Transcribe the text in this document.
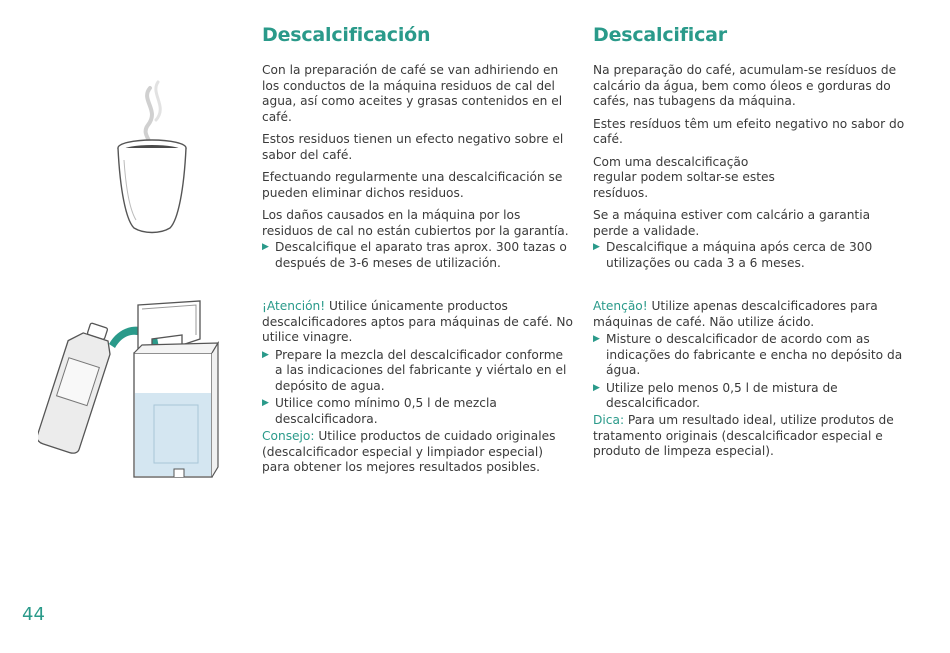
Descalcificación	Descalcificar

Con la preparación de café se van adhiriendo en los conductos de la máquina residuos de cal del agua, así como aceites y grasas contenidos en el café.

Estos residuos tienen un efecto negativo sobre el sabor del café.

Efectuando regularmente una descalcificación se pueden eliminar dichos residuos.

Los daños causados en la máquina por los residuos de cal no están cubiertos por la garantía.

▶ Descalcifique el aparato tras aprox. 300 tazas o después de 3-6 meses de utilización.

Na preparação do café, acumulam-se resíduos de calcário da água, bem como óleos e gorduras do cafés, nas tubagens da máquina.

Estes resíduos têm um efeito negativo no sabor do café.

Com uma descalcificação regular podem soltar-se estes resíduos.

Se a máquina estiver com calcário a garantia perde a validade.

▶ Descalcifique a máquina após cerca de 300 utilizações ou cada 3 a 6 meses.

¡Atención! Utilice únicamente productos descalcificadores aptos para máquinas de café. No utilice vinagre.

▶ Prepare la mezcla del descalcificador conforme a las indicaciones del fabricante y viértalo en el depósito de agua.
▶ Utilice como mínimo 0,5 l de mezcla descalcificadora.

Consejo: Utilice productos de cuidado originales (descalcificador especial y limpiador especial) para obtener los mejores resultados posibles.

Atenção! Utilize apenas descalcificadores para máquinas de café. Não utilize ácido.

▶ Misture o descalcificador de acordo com as indicações do fabricante e encha no depósito da água.
▶ Utilize pelo menos 0,5 l de mistura de descalcificador.

Dica: Para um resultado ideal, utilize produtos de tratamento originais (descalcificador especial e produto de limpeza especial).

44
